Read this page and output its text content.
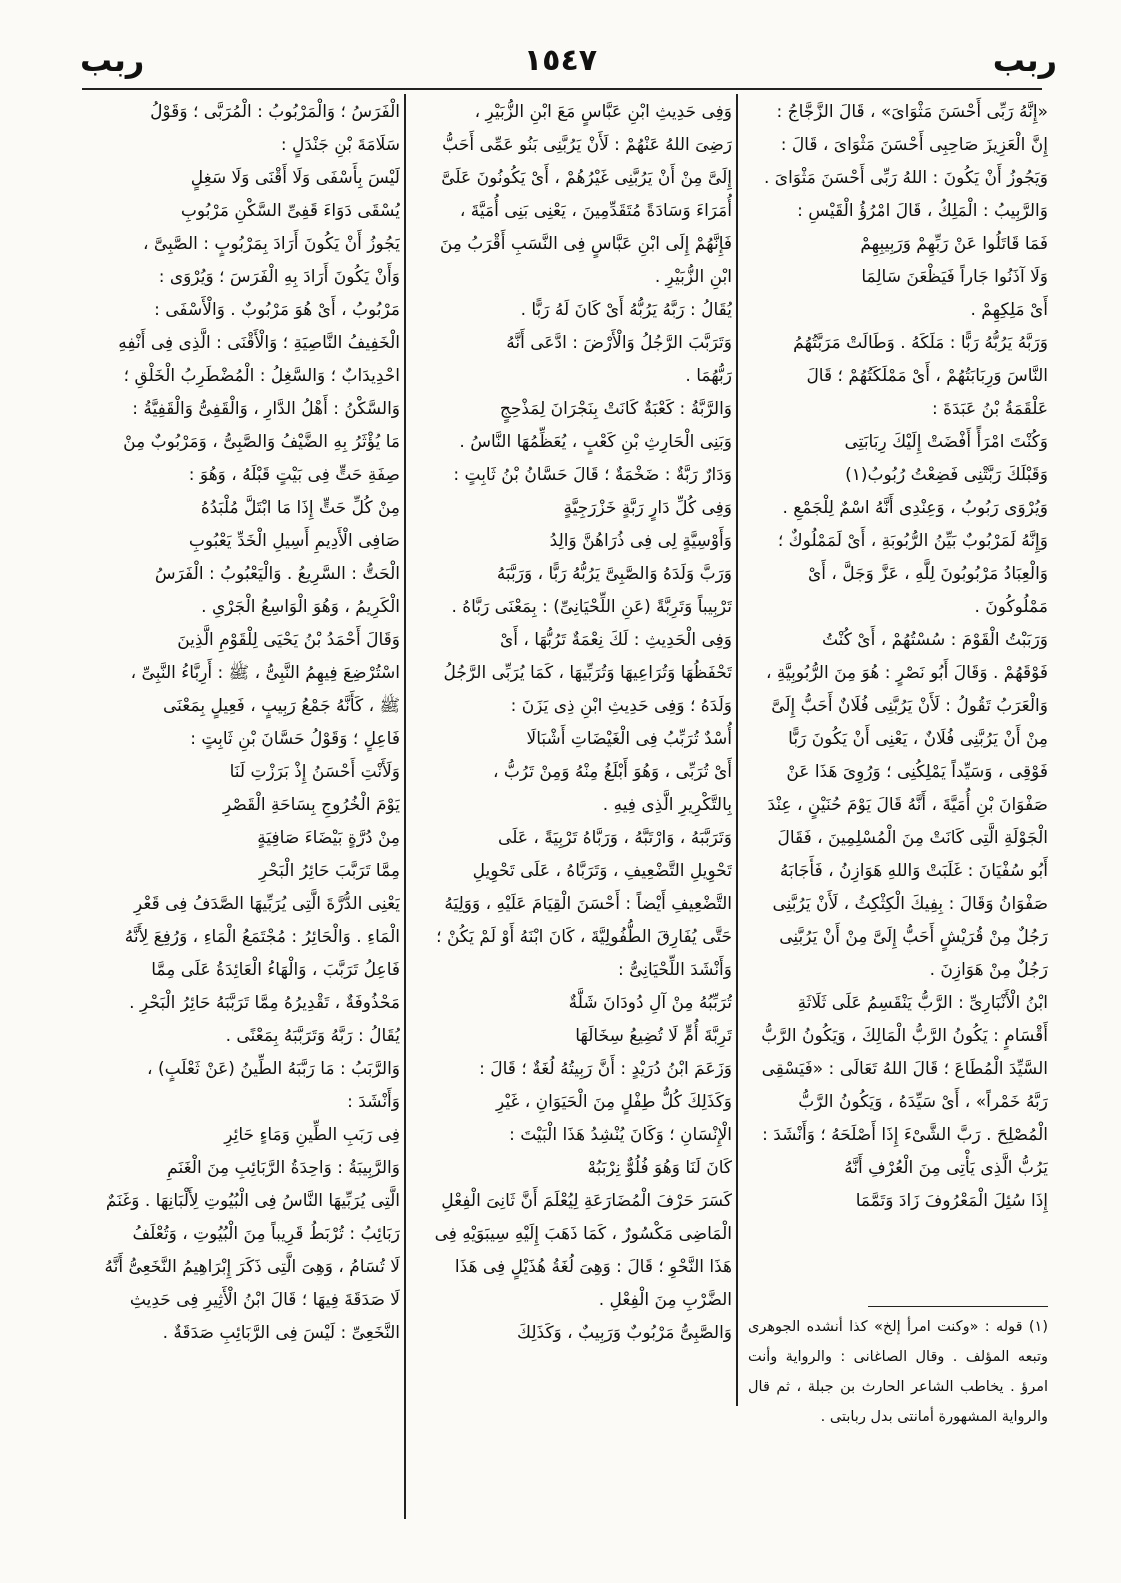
ربب
١٥٤٧
ربب

«إِنَّهُ رَبِّى أَحْسَنَ مَثْوَاىَ» ، قَالَ الزَّجَّاجُ :

إِنَّ الْعَزِيزَ صَاحِبِى أَحْسَنَ مَثْوَاىَ ، قَالَ :

وَيَجُوزُ أَنْ يَكُونَ : اللهُ رَبِّى أَحْسَنَ مَثْوَاىَ .

وَالرَّبِيبُ : الْمَلِكُ ، قَالَ امْرُؤُ الْقَيْسِ :

فَمَا قَاتَلُوا عَنْ رَبِّهِمْ وَرَبِيبِهِمْ

وَلَا آذَنُوا جَاراً فَيَظْعَنَ سَالِمَا

أَىْ مَلِكِهِمْ .

وَرَبَّهُ يَرُبُّهُ رَبًّا : مَلَكَهُ . وَطَالَتْ مَرَبَّتُهُمُ

النَّاسَ وَرِبَابَتُهُمْ ، أَىْ مَمْلَكَتُهُمْ ؛ قَالَ

عَلْقَمَةُ بْنُ عَبَدَةَ :

وَكُنْتَ امْرَأً أَفْضَتْ إِلَيْكَ رِبَابَتِى

وَقَبْلَكَ رَبَّتْنِى فَضِعْتُ رُبُوبُ(١)

وَيُرْوَى رَبُوبُ ، وَعِنْدِى أَنَّهُ اسْمٌ لِلْجَمْعِ .

وَإِنَّهُ لَمَرْبُوبٌ بَيِّنُ الرُّبُوبَةِ ، أَىْ لَمَمْلُوكٌ ؛

وَالْعِبَادُ مَرْبُوبُونَ لِلَّهِ ، عَزَّ وَجَلَّ ، أَىْ

مَمْلُوكُونَ .

وَرَبَبْتُ الْقَوْمَ : سُسْتُهُمْ ، أَىْ كُنْتُ

فَوْقَهُمْ . وَقَالَ أَبُو نَصْرٍ : هُوَ مِنَ الرُّبُوبِيَّةِ ،

وَالْعَرَبُ تَقُولُ : لَأَنْ يَرُبَّنِى فُلَانٌ أَحَبُّ إِلَىَّ

مِنْ أَنْ يَرُبَّنِى فُلَانٌ ، يَعْنِى أَنْ يَكُونَ رَبًّا

فَوْقِى ، وَسَيِّداً يَمْلِكُنِى ؛ وَرُوِىَ هَذَا عَنْ

صَفْوَانَ بْنِ أُمَيَّةَ ، أَنَّهُ قَالَ يَوْمَ حُنَيْنٍ ، عِنْدَ

الْجَوْلَةِ الَّتِى كَانَتْ مِنَ الْمُسْلِمِينَ ، فَقَالَ

أَبُو سُفْيَانَ : غَلَبَتْ وَاللهِ هَوَازِنُ ، فَأَجَابَهُ

صَفْوَانُ وَقَالَ : بِفِيكَ الْكِثْكِثُ ، لَأَنْ يَرُبَّنِى

رَجُلٌ مِنْ قُرَيْشٍ أَحَبُّ إِلَىَّ مِنْ أَنْ يَرُبَّنِى

رَجُلٌ مِنْ هَوَازِنَ .

ابْنُ الْأَنْبَارِىِّ : الرَّبُّ يَنْقَسِمُ عَلَى ثَلَاثَةِ

أَقْسَامٍ : يَكُونُ الرَّبُّ الْمَالِكَ ، وَيَكُونُ الرَّبُّ

السَّيِّدَ الْمُطَاعَ ؛ قَالَ اللهُ تَعَالَى : «فَيَسْقِى

رَبَّهُ خَمْراً» ، أَىْ سَيِّدَهُ ، وَيَكُونُ الرَّبُّ

الْمُصْلِحَ . رَبَّ الشَّىْءَ إِذَا أَصْلَحَهُ ؛ وَأَنْشَدَ :

يَرُبُّ الَّذِى يَأْتِى مِنَ الْعُرْفِ أَنَّهُ

إِذَا سُئِلَ الْمَعْرُوفَ زَادَ وَتَمَّمَا

وَفِى حَدِيثِ ابْنِ عَبَّاسٍ مَعَ ابْنِ الزُّبَيْرِ ،

رَضِىَ اللهُ عَنْهُمْ : لَأَنْ يَرُبَّنِى بَنُو عَمِّى أَحَبُّ

إِلَىَّ مِنْ أَنْ يَرُبَّنِى غَيْرُهُمْ ، أَىْ يَكُونُونَ عَلَىَّ

أُمَرَاءَ وَسَادَةً مُتَقَدِّمِينَ ، يَعْنِى بَنِى أُمَيَّةَ ،

فَإِنَّهُمْ إِلَى ابْنِ عَبَّاسٍ فِى النَّسَبِ أَقْرَبُ مِنَ

ابْنِ الزُّبَيْرِ .

يُقَالُ : رَبَّهُ يَرُبُّهُ أَىْ كَانَ لَهُ رَبًّا .

وَتَرَبَّبَ الرَّجُلُ وَالْأَرْضَ : ادَّعَى أَنَّهُ

رَبُّهُمَا .

وَالرَّبَّةُ : كَعْبَةٌ كَانَتْ بِنَجْرَانَ لِمَذْحِجٍ

وَبَنِى الْحَارِثِ بْنِ كَعْبٍ ، يُعَظِّمُهَا النَّاسُ .

وَدَارٌ رَبَّةٌ : ضَخْمَةٌ ؛ قَالَ حَسَّانُ بْنُ ثَابِتٍ :

وَفِى كُلِّ دَارٍ رَبَّةٍ خَزْرَجِيَّةٍ

وَأَوْسِيَّةٍ لِى فِى ذُرَاهُنَّ وَالِدُ

وَرَبَّ وَلَدَهُ وَالصَّبِىَّ يَرُبُّهُ رَبًّا ، وَرَبَّبَهُ

تَرْبِيباً وَتَرِبَّةً (عَنِ اللِّحْيَانِىِّ) : بِمَعْنَى رَبَّاهُ .

وَفِى الْحَدِيثِ : لَكَ نِعْمَةٌ تَرُبُّهَا ، أَىْ

تَحْفَظُهَا وَتُرَاعِيهَا وَتُرَبِّيهَا ، كَمَا يُرَبِّى الرَّجُلُ

وَلَدَهُ ؛ وَفِى حَدِيثِ ابْنِ ذِى يَزَنَ :

أُسْدٌ تُرَبِّبُ فِى الْغَيْضَاتِ أَشْبَالَا

أَىْ تُرَبِّى ، وَهُوَ أَبْلَغُ مِنْهُ وَمِنْ تَرُبُّ ،

بِالتَّكْرِيرِ الَّذِى فِيهِ .

وَتَرَبَّبَهُ ، وَارْتَبَّهُ ، وَرَبَّاهُ تَرْبِيَةً ، عَلَى

تَحْوِيلِ التَّضْعِيفِ ، وَتَرَبَّاهُ ، عَلَى تَحْوِيلِ

التَّضْعِيفِ أَيْضاً : أَحْسَنَ الْقِيَامَ عَلَيْهِ ، وَوَلِيَهُ

حَتَّى يُفَارِقَ الطُّفُولِيَّةَ ، كَانَ ابْنَهُ أَوْ لَمْ يَكُنْ ؛

وَأَنْشَدَ اللِّحْيَانِىُّ :

تُرَبِّبُهُ مِنْ آلِ دُودَانَ شَلَّةٌ

تَرِبَّةَ أُمٍّ لَا تُضِيعُ سِخَالَهَا

وَزَعَمَ ابْنُ دُرَيْدٍ : أَنَّ رَبِيتُهُ لُغَةٌ ؛ قَالَ :

وَكَذَلِكَ كُلُّ طِفْلٍ مِنَ الْحَيَوَانِ ، غَيْرِ

الْإِنْسَانِ ؛ وَكَانَ يُنْشِدُ هَذَا الْبَيْتَ :

كَانَ لَنَا وَهُوَ فُلُوٌّ نِرْبَبُهْ

كَسَرَ حَرْفَ الْمُضَارَعَةِ لِيُعْلَمَ أَنَّ ثَانِىَ الْفِعْلِ

الْمَاضِى مَكْسُورٌ ، كَمَا ذَهَبَ إِلَيْهِ سِيبَوَيْهِ فِى

هَذَا النَّحْوِ ؛ قَالَ : وَهِىَ لُغَةُ هُذَيْلٍ فِى هَذَا

الضَّرْبِ مِنَ الْفِعْلِ .

وَالصَّبِىُّ مَرْبُوبٌ وَرَبِيبٌ ، وَكَذَلِكَ

الْفَرَسُ ؛ وَالْمَرْبُوبُ : الْمُرَبَّى ؛ وَقَوْلُ

سَلَامَةَ بْنِ جَنْدَلٍ :

لَيْسَ بِأَسْفَى وَلَا أَقْنَى وَلَا سَغِلٍ

يُسْقَى دَوَاءَ قَفِىِّ السَّكْنِ مَرْبُوبِ

يَجُوزُ أَنْ يَكُونَ أَرَادَ بِمَرْبُوبٍ : الصَّبِىَّ ،

وَأَنْ يَكُونَ أَرَادَ بِهِ الْفَرَسَ ؛ وَيُرْوَى :

مَرْبُوبُ ، أَىْ هُوَ مَرْبُوبٌ . وَالْأَسْفَى :

الْخَفِيفُ النَّاصِيَةِ ؛ وَالْأَقْنَى : الَّذِى فِى أَنْفِهِ

احْدِيدَابٌ ؛ وَالسَّغِلُ : الْمُضْطَرِبُ الْخَلْقِ ؛

وَالسَّكْنُ : أَهْلُ الدَّارِ ، وَالْقَفِىُّ وَالْقَفِيَّةُ :

مَا يُؤْثَرُ بِهِ الضَّيْفُ وَالصَّبِىُّ ، وَمَرْبُوبٌ مِنْ

صِفَةِ حَتٍّ فِى بَيْتٍ قَبْلَهُ ، وَهُوَ :

مِنْ كُلِّ حَتٍّ إِذَا مَا ابْتَلَّ مُلْبَدُهُ

صَافِى الْأَدِيمِ أَسِيلِ الْخَدِّ يَعْبُوبِ

الْحَتُّ : السَّرِيعُ . وَالْيَعْبُوبُ : الْفَرَسُ

الْكَرِيمُ ، وَهُوَ الْوَاسِعُ الْجَرْىِ .

وَقَالَ أَحْمَدُ بْنُ يَحْيَى لِلْقَوْمِ الَّذِينَ

اسْتُرْضِعَ فِيهِمُ النَّبِىُّ ، ﷺ : أَرِبَّاءُ النَّبِىِّ ،

ﷺ ، كَأَنَّهُ جَمْعُ رَبِيبٍ ، فَعِيلٍ بِمَعْنَى

فَاعِلٍ ؛ وَقَوْلُ حَسَّانَ بْنِ ثَابِتٍ :

وَلَأَنْتِ أَحْسَنُ إِذْ بَرَزْتِ لَنَا

يَوْمَ الْخُرُوجِ بِسَاحَةِ الْقَصْرِ

مِنْ دُرَّةٍ بَيْضَاءَ صَافِيَةٍ

مِمَّا تَرَبَّبَ حَائِرُ الْبَحْرِ

يَعْنِى الدُّرَّةَ الَّتِى يُرَبِّيهَا الصَّدَفُ فِى قَعْرِ

الْمَاءِ . وَالْحَائِرُ : مُجْتَمَعُ الْمَاءِ ، وَرُفِعَ لِأَنَّهُ

فَاعِلُ تَرَبَّبَ ، وَالْهَاءُ الْعَائِدَةُ عَلَى مِمَّا

مَحْذُوفَةٌ ، تَقْدِيرُهُ مِمَّا تَرَبَّبَهُ حَائِرُ الْبَحْرِ .

يُقَالُ : رَبَّهُ وَتَرَبَّبَهُ بِمَعْنًى .

وَالرَّبَبُ : مَا رَبَّبَهُ الطِّينُ (عَنْ ثَعْلَبٍ) ،

وَأَنْشَدَ :

فِى رَبَبِ الطِّينِ وَمَاءٍ حَائِرِ

وَالرَّبِيبَةُ : وَاحِدَةُ الرَّبَائِبِ مِنَ الْغَنَمِ

الَّتِى يُرَبِّيهَا النَّاسُ فِى الْبُيُوتِ لِأَلْبَانِهَا . وَغَنَمٌ

رَبَائِبُ : تُرْبَطُ قَرِيباً مِنَ الْبُيُوتِ ، وَتُعْلَفُ

لَا تُسَامُ ، وَهِىَ الَّتِى ذَكَرَ إِبْرَاهِيمُ النَّخَعِىُّ أَنَّهُ

لَا صَدَقَةَ فِيهَا ؛ قَالَ ابْنُ الْأَثِيرِ فِى حَدِيثِ

النَّخَعِىِّ : لَيْسَ فِى الرَّبَائِبِ صَدَقَةٌ .	(١) قوله : «وكنت امرأ إلخ» كذا أنشده الجوهرى وتبعه المؤلف . وقال الصاغانى : والرواية وأنت امرؤ . يخاطب الشاعر الحارث بن جبلة ، ثم قال والرواية المشهورة أمانتى بدل ربابتى .
